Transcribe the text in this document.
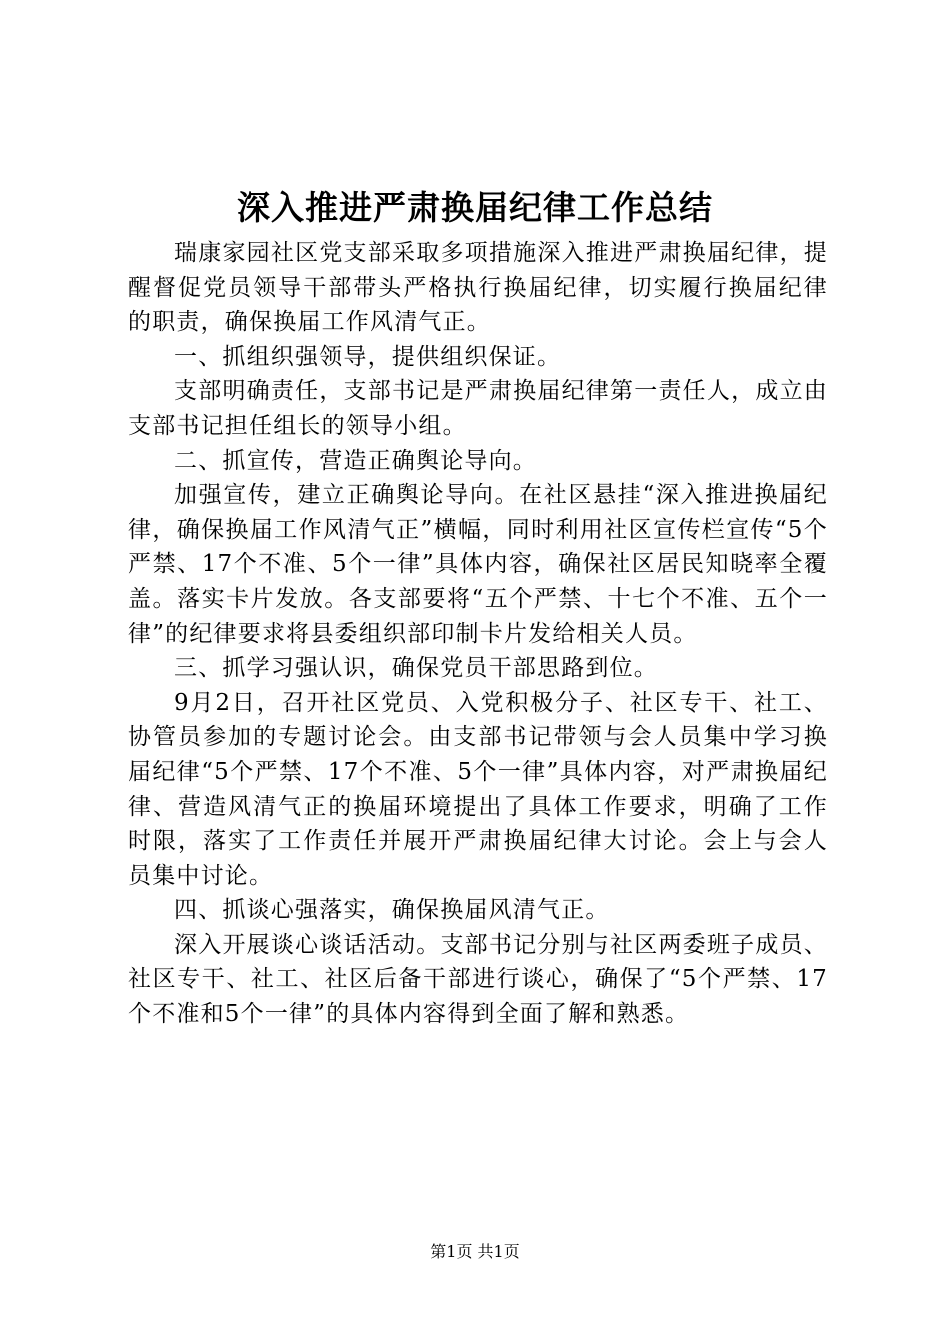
深入推进严肃换届纪律工作总结

瑞康家园社区党支部采取多项措施深入推进严肃换届纪律，提醒督促党员领导干部带头严格执行换届纪律，切实履行换届纪律的职责，确保换届工作风清气正。

一、抓组织强领导，提供组织保证。

支部明确责任，支部书记是严肃换届纪律第一责任人，成立由支部书记担任组长的领导小组。

二、抓宣传，营造正确舆论导向。

加强宣传，建立正确舆论导向。在社区悬挂“深入推进换届纪律，确保换届工作风清气正”横幅，同时利用社区宣传栏宣传“5个严禁、17个不准、5个一律”具体内容，确保社区居民知晓率全覆盖。落实卡片发放。各支部要将“五个严禁、十七个不准、五个一律”的纪律要求将县委组织部印制卡片发给相关人员。

三、抓学习强认识，确保党员干部思路到位。

9月2日，召开社区党员、入党积极分子、社区专干、社工、协管员参加的专题讨论会。由支部书记带领与会人员集中学习换届纪律“5个严禁、17个不准、5个一律”具体内容，对严肃换届纪律、营造风清气正的换届环境提出了具体工作要求，明确了工作时限，落实了工作责任并展开严肃换届纪律大讨论。会上与会人员集中讨论。

四、抓谈心强落实，确保换届风清气正。

深入开展谈心谈话活动。支部书记分别与社区两委班子成员、社区专干、社工、社区后备干部进行谈心，确保了“5个严禁、17个不准和5个一律”的具体内容得到全面了解和熟悉。

第1页 共1页
